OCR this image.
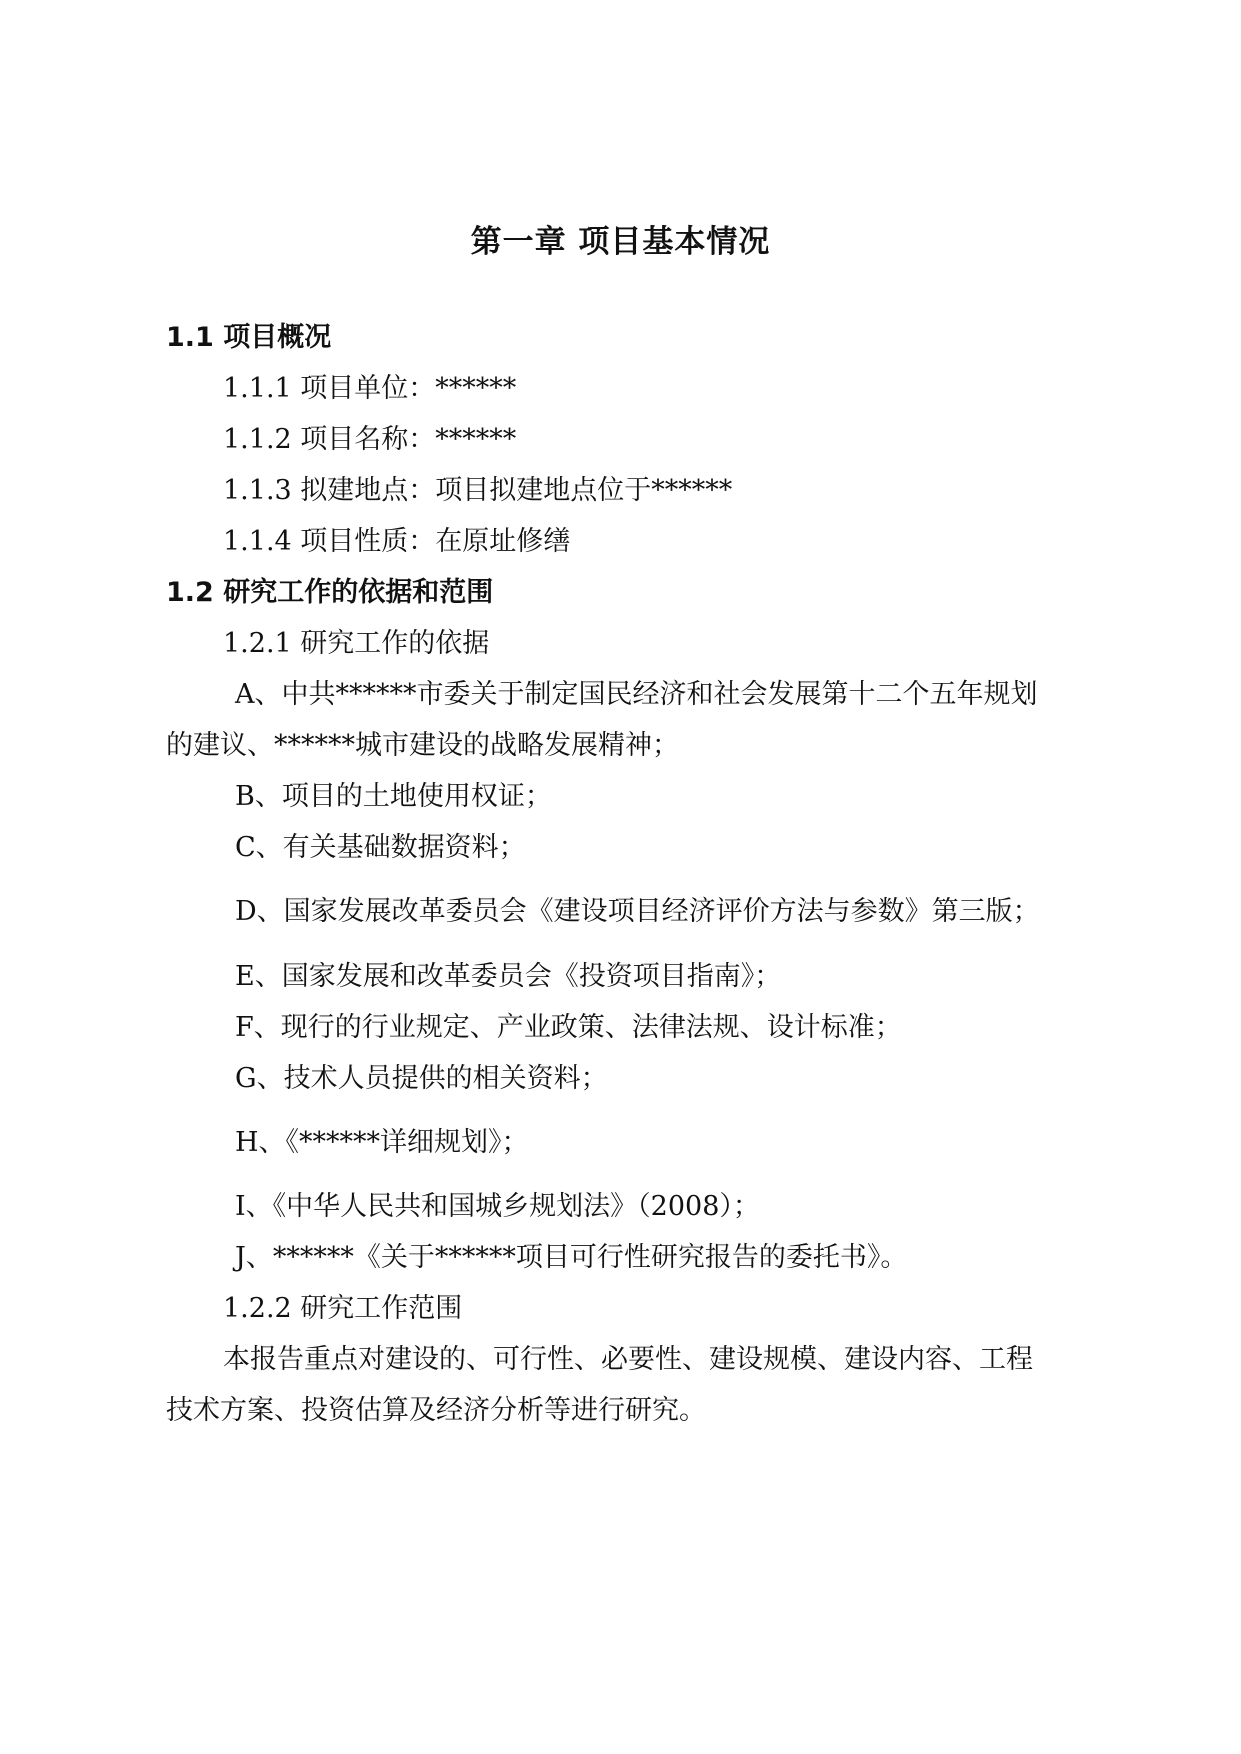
第一章 项目基本情况
1.1 项目概况
1.1.1 项目单位：******
1.1.2 项目名称：******
1.1.3 拟建地点：项目拟建地点位于******
1.1.4 项目性质：在原址修缮
1.2 研究工作的依据和范围
1.2.1 研究工作的依据
A、中共******市委关于制定国民经济和社会发展第十二个五年规划
的建议、******城市建设的战略发展精神；
B、项目的土地使用权证；
C、有关基础数据资料；
D、国家发展改革委员会《建设项目经济评价方法与参数》第三版；
E、国家发展和改革委员会《投资项目指南》；
F、现行的行业规定、产业政策、法律法规、设计标准；
G、技术人员提供的相关资料；
H、《******详细规划》；
I、《中华人民共和国城乡规划法》（2008）；
J、******《关于******项目可行性研究报告的委托书》。
1.2.2 研究工作范围
本报告重点对建设的、可行性、必要性、建设规模、建设内容、工程
技术方案、投资估算及经济分析等进行研究。
